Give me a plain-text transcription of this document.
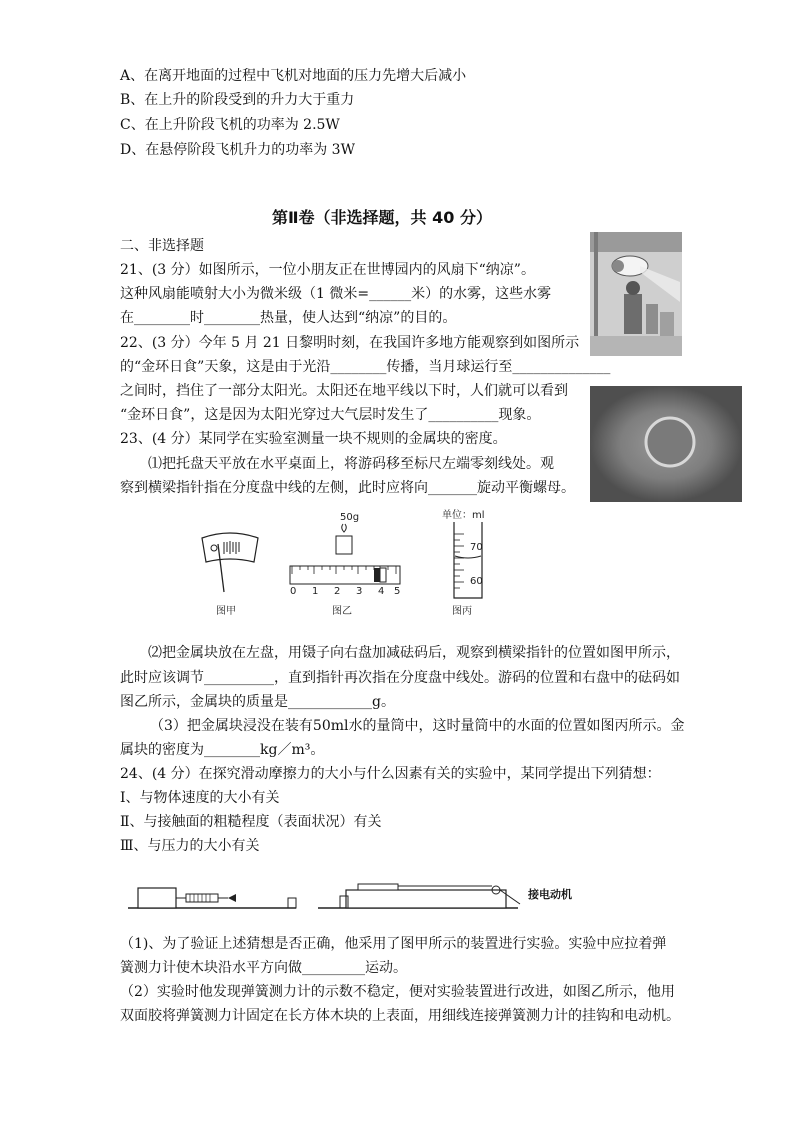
A、在离开地面的过程中飞机对地面的压力先增大后减小
B、在上升的阶段受到的升力大于重力
C、在上升阶段飞机的功率为 2.5W
D、在悬停阶段飞机升力的功率为 3W
第Ⅱ卷（非选择题，共 40 分）
二、非选择题
21、(3 分）如图所示，一位小朋友正在世博园内的风扇下“纳凉”。
这种风扇能喷射大小为微米级（1 微米=______米）的水雾，这些水雾
在________时________热量，使人达到“纳凉”的目的。
22、(3 分）今年 5 月 21 日黎明时刻，在我国许多地方能观察到如图所示
的“金环日食”天象，这是由于光沿________传播，当月球运行至______________
之间时，挡住了一部分太阳光。太阳还在地平线以下时，人们就可以看到
“金环日食”，这是因为太阳光穿过大气层时发生了__________现象。
23、(4 分）某同学在实验室测量一块不规则的金属块的密度。
⑴把托盘天平放在水平桌面上，将游码移至标尺左端零刻线处。观
察到横梁指针指在分度盘中线的左侧，此时应将向_______旋动平衡螺母。
图甲
50g
0 1 2 3 4 5
图乙
单位：ml
70
60
图丙
⑵把金属块放在左盘，用镊子向右盘加减砝码后，观察到横梁指针的位置如图甲所示，
此时应该调节__________，直到指针再次指在分度盘中线处。游码的位置和右盘中的砝码如
图乙所示，金属块的质量是____________g。
（3）把金属块浸没在装有50ml水的量筒中，这时量筒中的水面的位置如图丙所示。金
属块的密度为________kg／m³。
24、(4 分）在探究滑动摩擦力的大小与什么因素有关的实验中，某同学提出下列猜想：
Ⅰ、与物体速度的大小有关
Ⅱ、与接触面的粗糙程度（表面状况）有关
Ⅲ、与压力的大小有关
接电动机
（1)、为了验证上述猜想是否正确，他采用了图甲所示的装置进行实验。实验中应拉着弹
簧测力计使木块沿水平方向做_________运动。
（2）实验时他发现弹簧测力计的示数不稳定，便对实验装置进行改进，如图乙所示，他用
双面胶将弹簧测力计固定在长方体木块的上表面，用细线连接弹簧测力计的挂钩和电动机。
